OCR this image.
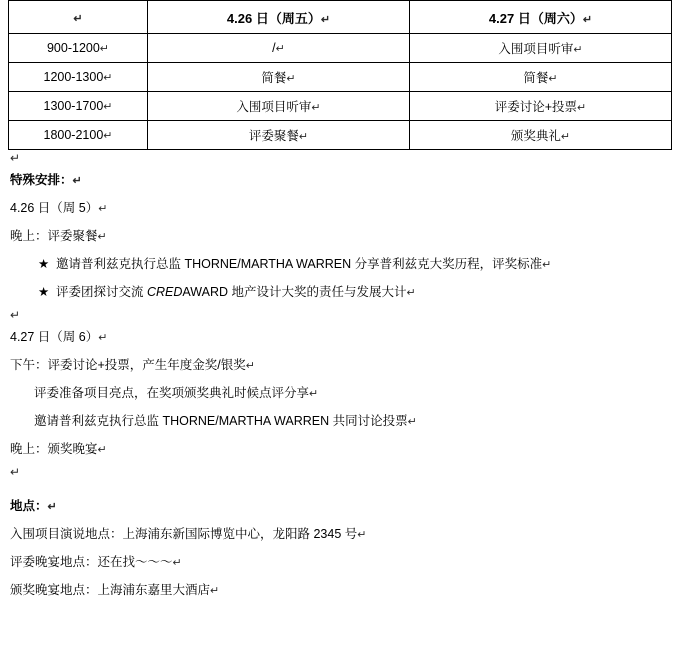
↵	4.26 日（周五）↵	4.27 日（周六）↵
900-1200↵	/↵	入围项目听审↵
1200-1300↵	简餐↵	简餐↵
1300-1700↵	入围项目听审↵	评委讨论+投票↵
1800-2100↵	评委聚餐↵	颁奖典礼↵
↵
特殊安排：↵
4.26 日（周 5）↵
晚上：评委聚餐↵
★ 邀请普利兹克执行总监 THORNE/MARTHA WARREN 分享普利兹克大奖历程，评奖标准↵
★ 评委团探讨交流 CREDAWARD 地产设计大奖的责任与发展大计↵
↵
4.27 日（周 6）↵
下午：评委讨论+投票，产生年度金奖/银奖↵
评委准备项目亮点，在奖项颁奖典礼时候点评分享↵
邀请普利兹克执行总监 THORNE/MARTHA WARREN 共同讨论投票↵
晚上：颁奖晚宴↵
↵
地点：↵
入围项目演说地点：上海浦东新国际博览中心，龙阳路 2345 号↵
评委晚宴地点：还在找～～～↵
颁奖晚宴地点：上海浦东嘉里大酒店↵
